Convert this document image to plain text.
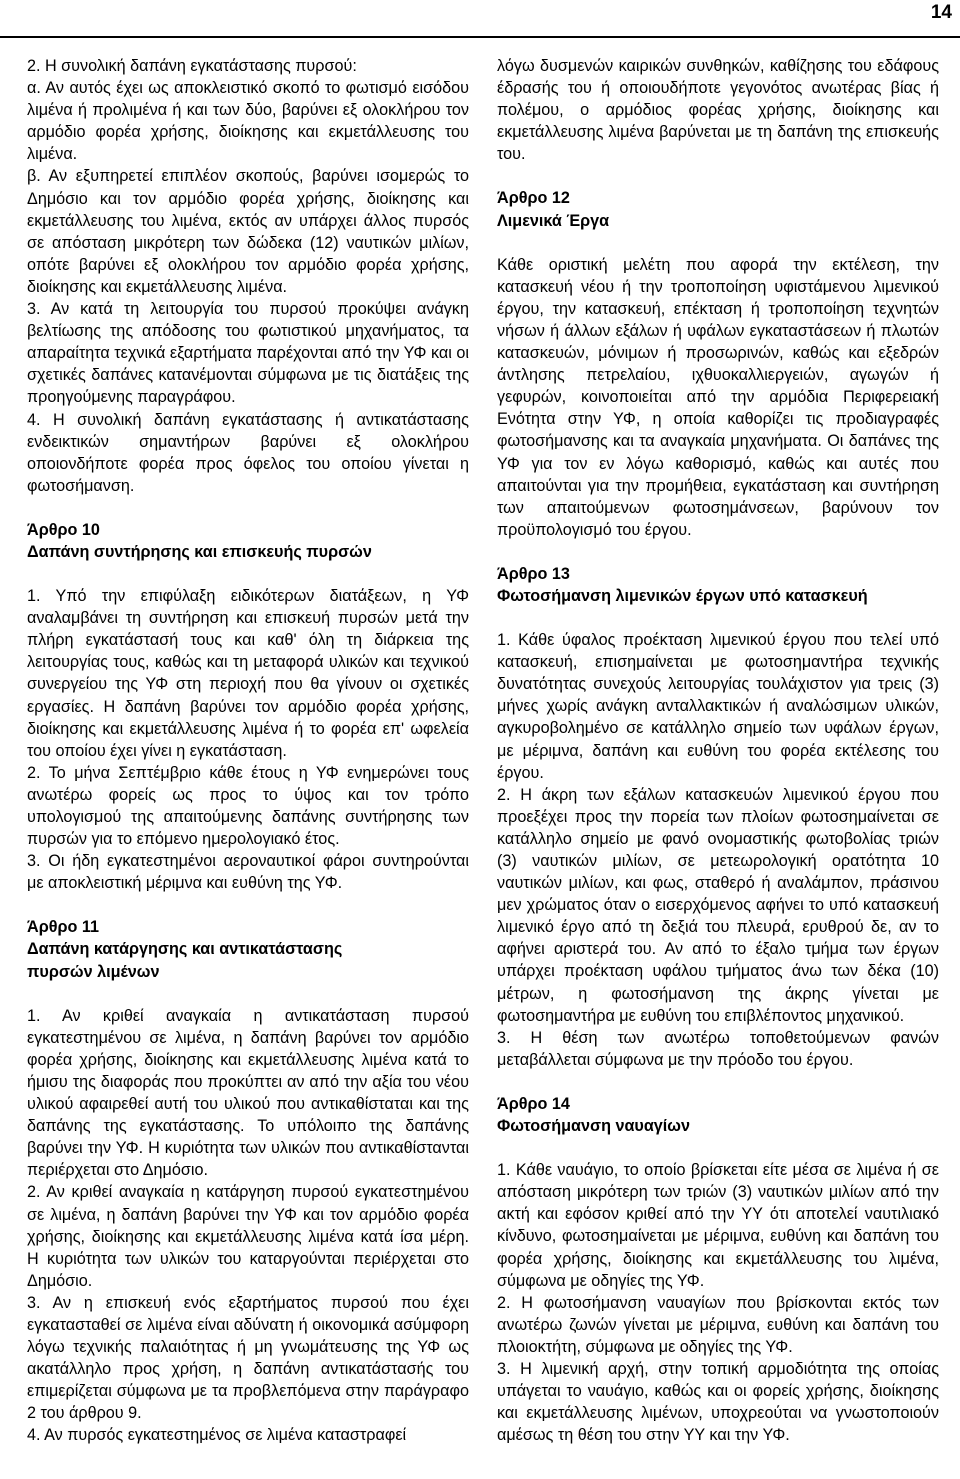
14

2. Η συνολική δαπάνη εγκατάστασης πυρσού:
α. Αν αυτός έχει ως αποκλειστικό σκοπό το φωτισμό εισόδου λιμένα ή προλιμένα ή και των δύο, βαρύνει εξ ολοκλήρου τον αρμόδιο φορέα χρήσης, διοίκησης και εκμετάλλευσης του λιμένα.

β. Αν εξυπηρετεί επιπλέον σκοπούς, βαρύνει ισομερώς το Δημόσιο και τον αρμόδιο φορέα χρήσης, διοίκησης και εκμετάλλευσης του λιμένα, εκτός αν υπάρχει άλλος πυρσός σε απόσταση μικρότερη των δώδεκα (12) ναυτικών μιλίων, οπότε βαρύνει εξ ολοκλήρου τον αρμόδιο φορέα χρήσης, διοίκησης και εκμετάλλευσης λιμένα.

3. Αν κατά τη λειτουργία του πυρσού προκύψει ανάγκη βελτίωσης της απόδοσης του φωτιστικού μηχανήματος, τα απαραίτητα τεχνικά εξαρτήματα παρέχονται από την ΥΦ και οι σχετικές δαπάνες κατανέμονται σύμφωνα με τις διατάξεις της προηγούμενης παραγράφου.

4. Η συνολική δαπάνη εγκατάστασης ή αντικατάστασης ενδεικτικών σημαντήρων βαρύνει εξ ολοκλήρου οποιονδήποτε φορέα προς όφελος του οποίου γίνεται η φωτοσήμανση.

Άρθρο 10
Δαπάνη συντήρησης και επισκευής πυρσών

1. Υπό την επιφύλαξη ειδικότερων διατάξεων, η ΥΦ αναλαμβάνει τη συντήρηση και επισκευή πυρσών μετά την πλήρη εγκατάστασή τους και καθ' όλη τη διάρκεια της λειτουργίας τους, καθώς και τη μεταφορά υλικών και τεχνικού συνεργείου της ΥΦ στη περιοχή που θα γίνουν οι σχετικές εργασίες. Η δαπάνη βαρύνει τον αρμόδιο φορέα χρήσης, διοίκησης και εκμετάλλευσης λιμένα ή το φορέα επ' ωφελεία του οποίου έχει γίνει η εγκατάσταση.

2. Το μήνα Σεπτέμβριο κάθε έτους η ΥΦ ενημερώνει τους ανωτέρω φορείς ως προς το ύψος και τον τρόπο υπολογισμού της απαιτούμενης δαπάνης συντήρησης των πυρσών για το επόμενο ημερολογιακό έτος.

3. Οι ήδη εγκατεστημένοι αεροναυτικοί φάροι συντηρούνται με αποκλειστική μέριμνα και ευθύνη της ΥΦ.

Άρθρο 11
Δαπάνη κατάργησης και αντικατάστασης
πυρσών λιμένων

1. Αν κριθεί αναγκαία η αντικατάσταση πυρσού εγκατεστημένου σε λιμένα, η δαπάνη βαρύνει τον αρμόδιο φορέα χρήσης, διοίκησης και εκμετάλλευσης λιμένα κατά το ήμισυ της διαφοράς που προκύπτει αν από την αξία του νέου υλικού αφαιρεθεί αυτή του υλικού που αντικαθίσταται και της δαπάνης της εγκατάστασης. Το υπόλοιπο της δαπάνης βαρύνει την ΥΦ. Η κυριότητα των υλικών που αντικαθίστανται περιέρχεται στο Δημόσιο.

2. Αν κριθεί αναγκαία η κατάργηση πυρσού εγκατεστημένου σε λιμένα, η δαπάνη βαρύνει την ΥΦ και τον αρμόδιο φορέα χρήσης, διοίκησης και εκμετάλλευσης λιμένα κατά ίσα μέρη. Η κυριότητα των υλικών του καταργούνται περιέρχεται στο Δημόσιο.

3. Αν η επισκευή ενός εξαρτήματος πυρσού που έχει εγκατασταθεί σε λιμένα είναι αδύνατη ή οικονομικά ασύμφορη λόγω τεχνικής παλαιότητας ή μη γνωμάτευσης της ΥΦ ως ακατάλληλο προς χρήση, η δαπάνη αντικατάστασής του επιμερίζεται σύμφωνα με τα προβλεπόμενα στην παράγραφο 2 του άρθρου 9.

4. Αν πυρσός εγκατεστημένος σε λιμένα καταστραφεί

λόγω δυσμενών καιρικών συνθηκών, καθίζησης του εδάφους έδρασής του ή οποιουδήποτε γεγονότος ανωτέρας βίας ή πολέμου, ο αρμόδιος φορέας χρήσης, διοίκησης και εκμετάλλευσης λιμένα βαρύνεται με τη δαπάνη της επισκευής του.

Άρθρο 12
Λιμενικά Έργα

Κάθε οριστική μελέτη που αφορά την εκτέλεση, την κατασκευή νέου ή την τροποποίηση υφιστάμενου λιμενικού έργου, την κατασκευή, επέκταση ή τροποποίηση τεχνητών νήσων ή άλλων εξάλων ή υφάλων εγκαταστάσεων ή πλωτών κατασκευών, μόνιμων ή προσωρινών, καθώς και εξεδρών άντλησης πετρελαίου, ιχθυοκαλλιεργειών, αγωγών ή γεφυρών, κοινοποιείται από την αρμόδια Περιφερειακή Ενότητα στην ΥΦ, η οποία καθορίζει τις προδιαγραφές φωτοσήμανσης και τα αναγκαία μηχανήματα. Οι δαπάνες της ΥΦ για τον εν λόγω καθορισμό, καθώς και αυτές που απαιτούνται για την προμήθεια, εγκατάσταση και συντήρηση των απαιτούμενων φωτοσημάνσεων, βαρύνουν τον προϋπολογισμό του έργου.

Άρθρο 13
Φωτοσήμανση λιμενικών έργων υπό κατασκευή

1. Κάθε ύφαλος προέκταση λιμενικού έργου που τελεί υπό κατασκευή, επισημαίνεται με φωτοσημαντήρα τεχνικής δυνατότητας συνεχούς λειτουργίας τουλάχιστον για τρεις (3) μήνες χωρίς ανάγκη ανταλλακτικών ή αναλώσιμων υλικών, αγκυροβολημένο σε κατάλληλο σημείο των υφάλων έργων, με μέριμνα, δαπάνη και ευθύνη του φορέα εκτέλεσης του έργου.

2. Η άκρη των εξάλων κατασκευών λιμενικού έργου που προεξέχει προς την πορεία των πλοίων φωτοσημαίνεται σε κατάλληλο σημείο με φανό ονομαστικής φωτοβολίας τριών (3) ναυτικών μιλίων, σε μετεωρολογική ορατότητα 10 ναυτικών μιλίων, και φως, σταθερό ή αναλάμπον, πράσινου μεν χρώματος όταν ο εισερχόμενος αφήνει το υπό κατασκευή λιμενικό έργο από τη δεξιά του πλευρά, ερυθρού δε, αν το αφήνει αριστερά του. Αν από το έξαλο τμήμα των έργων υπάρχει προέκταση υφάλου τμήματος άνω των δέκα (10) μέτρων, η φωτοσήμανση της άκρης γίνεται με φωτοσημαντήρα με ευθύνη του επιβλέποντος μηχανικού.

3. Η θέση των ανωτέρω τοποθετούμενων φανών μεταβάλλεται σύμφωνα με την πρόοδο του έργου.

Άρθρο 14
Φωτοσήμανση ναυαγίων

1. Κάθε ναυάγιο, το οποίο βρίσκεται είτε μέσα σε λιμένα ή σε απόσταση μικρότερη των τριών (3) ναυτικών μιλίων από την ακτή και εφόσον κριθεί από την ΥΥ ότι αποτελεί ναυτιλιακό κίνδυνο, φωτοσημαίνεται με μέριμνα, ευθύνη και δαπάνη του φορέα χρήσης, διοίκησης και εκμετάλλευσης του λιμένα, σύμφωνα με οδηγίες της ΥΦ.

2. Η φωτοσήμανση ναυαγίων που βρίσκονται εκτός των ανωτέρω ζωνών γίνεται με μέριμνα, ευθύνη και δαπάνη του πλοιοκτήτη, σύμφωνα με οδηγίες της ΥΦ.

3. Η λιμενική αρχή, στην τοπική αρμοδιότητα της οποίας υπάγεται το ναυάγιο, καθώς και οι φορείς χρήσης, διοίκησης και εκμετάλλευσης λιμένων, υποχρεούται να γνωστοποιούν αμέσως τη θέση του στην ΥΥ και την ΥΦ.
